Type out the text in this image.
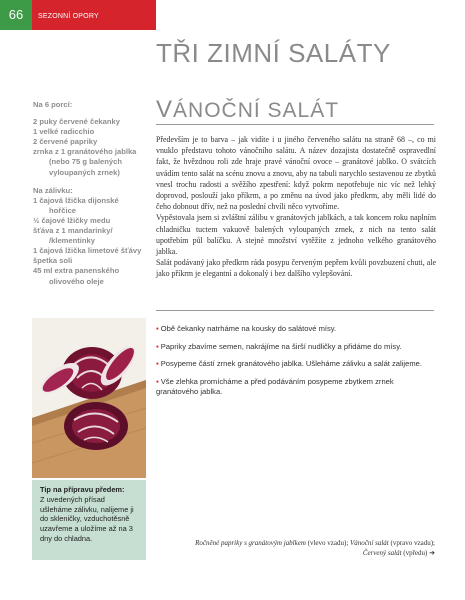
66	SEZONNÍ OPORY
TŘI ZIMNÍ SALÁTY
Na 6 porcí:
2 puky červené čekanky
1 velké radicchio
2 červené papriky
zrnka z 1 granátového jablka
(nebo 75 g balených
vyloupaných zrnek)
Na zálivku:
1 čajová lžička dijonské
hořčice
½ čajové lžičky medu
šťáva z 1 mandarinky/
/klementinky
1 čajová lžička limetové šťávy
špetka soli
45 ml extra panenského
olivového oleje
VÁNOČNÍ SALÁT

Především je to barva – jak vidíte i u jiného červeného salátu na straně 68 –, co mi vnuklo představu tohoto vánočního salátu. A název dozajista dostatečně ospravedlní fakt, že hvězdnou roli zde hraje pravé vánoční ovoce – granátové jablko. O svátcích uvádím tento salát na scénu znovu a znovu, aby na tabuli narychlo sestavenou ze zbytků vnesl trochu radosti a svěžího zpestření: když pokrm nepotřebuje nic víc než lehký doprovod, poslouží jako příkrm, a po změnu na úvod jako předkrm, aby měli lidé do čeho dobnout dřív, než na poslední chvíli něco vytvoříme.

Vypěstovala jsem si zvláštní zálibu v granátových jablkách, a tak koncem roku naplním chladničku tuctem vakuově balených vyloupaných zrnek, z nich na tento salát upotřebím půl balíčku. A stejné množství vytěžíte z jednoho velkého granátového jablka.

Salát podávaný jako předkrm ráda posypu červeným pepřem kvůli povzbuzení chuti, ale jako příkrm je elegantní a dokonalý i bez dalšího vylepšování.

▪ Obě čekanky natrháme na kousky do salátové mísy.
▪ Papriky zbavíme semen, nakrájíme na širší nudličky a přidáme do mísy.
▪ Posypeme částí zrnek granátového jablka. Ušleháme zálivku a salát zalijeme.
▪ Vše zlehka promícháme a před podáváním posypeme zbytkem zrnek granátového jablka.
Tip na přípravu předem:
Z uvedených přísad ušleháme zálivku, nalijeme ji do skleničky, vzduchotěsně uzavřeme a uložíme až na 3 dny do chladna.
Ročněné papriky s granátovým jablkem (vlevo vzadu); Vánoční salát (vpravo vzadu);
Červený salát (vpředu) ➔
